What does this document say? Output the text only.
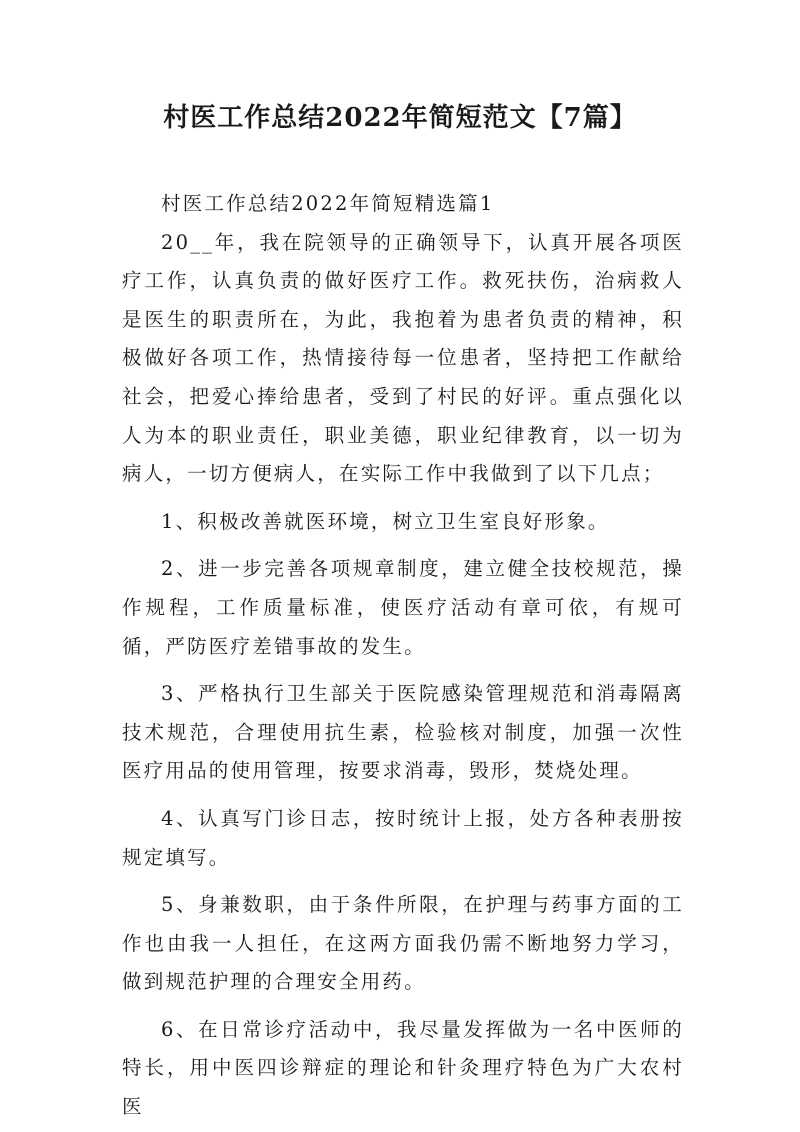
村医工作总结2022年简短范文【7篇】

村医工作总结2022年简短精选篇1

20__年，我在院领导的正确领导下，认真开展各项医疗工作，认真负责的做好医疗工作。救死扶伤，治病救人是医生的职责所在，为此，我抱着为患者负责的精神，积极做好各项工作，热情接待每一位患者，坚持把工作献给社会，把爱心捧给患者，受到了村民的好评。重点强化以人为本的职业责任，职业美德，职业纪律教育，以一切为病人，一切方便病人，在实际工作中我做到了以下几点；

1、积极改善就医环境，树立卫生室良好形象。

2、进一步完善各项规章制度，建立健全技校规范，操作规程，工作质量标准，使医疗活动有章可依，有规可循，严防医疗差错事故的发生。

3、严格执行卫生部关于医院感染管理规范和消毒隔离技术规范，合理使用抗生素，检验核对制度，加强一次性医疗用品的使用管理，按要求消毒，毁形，焚烧处理。

4、认真写门诊日志，按时统计上报，处方各种表册按规定填写。

5、身兼数职，由于条件所限，在护理与药事方面的工作也由我一人担任，在这两方面我仍需不断地努力学习，做到规范护理的合理安全用药。

6、在日常诊疗活动中，我尽量发挥做为一名中医师的特长，用中医四诊辩症的理论和针灸理疗特色为广大农村医
